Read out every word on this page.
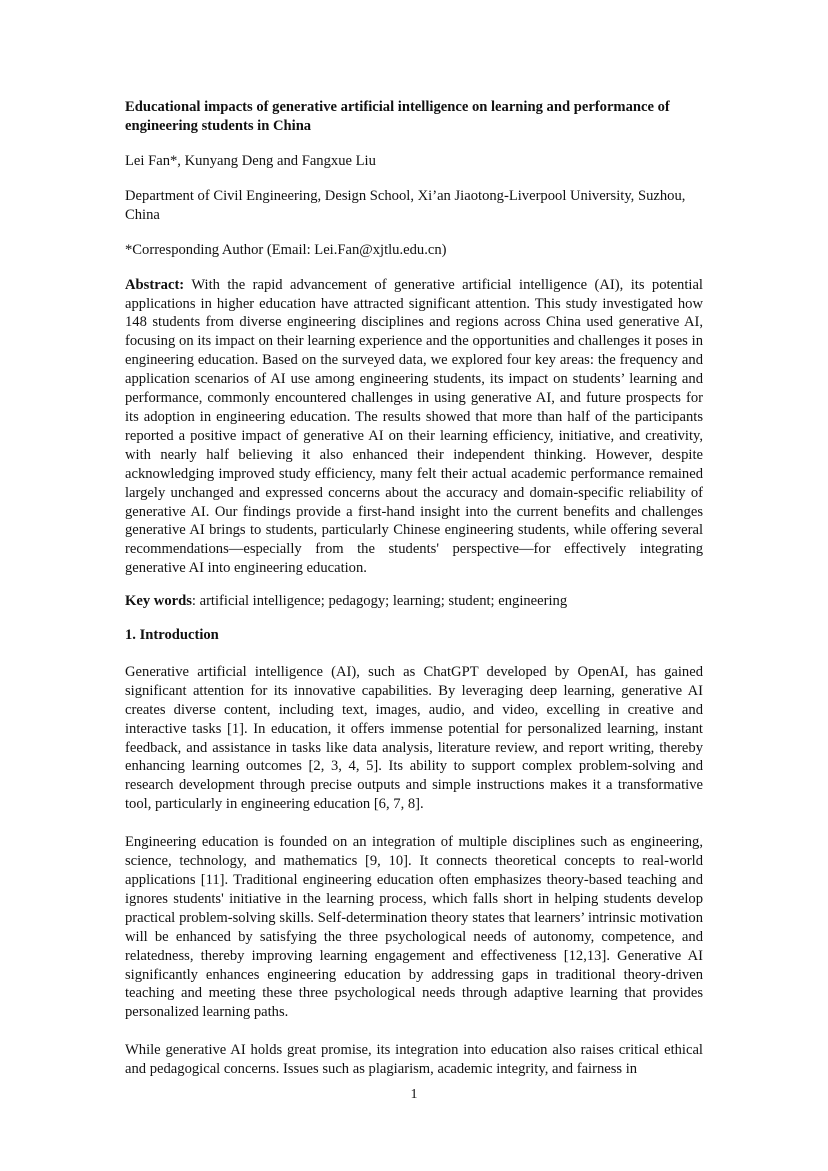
Educational impacts of generative artificial intelligence on learning and performance of engineering students in China
Lei Fan*, Kunyang Deng and Fangxue Liu
Department of Civil Engineering, Design School, Xi’an Jiaotong-Liverpool University, Suzhou, China
*Corresponding Author (Email: Lei.Fan@xjtlu.edu.cn)
Abstract: With the rapid advancement of generative artificial intelligence (AI), its potential applications in higher education have attracted significant attention. This study investigated how 148 students from diverse engineering disciplines and regions across China used generative AI, focusing on its impact on their learning experience and the opportunities and challenges it poses in engineering education. Based on the surveyed data, we explored four key areas: the frequency and application scenarios of AI use among engineering students, its impact on students’ learning and performance, commonly encountered challenges in using generative AI, and future prospects for its adoption in engineering education. The results showed that more than half of the participants reported a positive impact of generative AI on their learning efficiency, initiative, and creativity, with nearly half believing it also enhanced their independent thinking. However, despite acknowledging improved study efficiency, many felt their actual academic performance remained largely unchanged and expressed concerns about the accuracy and domain-specific reliability of generative AI. Our findings provide a first-hand insight into the current benefits and challenges generative AI brings to students, particularly Chinese engineering students, while offering several recommendations—especially from the students' perspective—for effectively integrating generative AI into engineering education.
Key words: artificial intelligence; pedagogy; learning; student; engineering
1. Introduction
Generative artificial intelligence (AI), such as ChatGPT developed by OpenAI, has gained significant attention for its innovative capabilities. By leveraging deep learning, generative AI creates diverse content, including text, images, audio, and video, excelling in creative and interactive tasks [1]. In education, it offers immense potential for personalized learning, instant feedback, and assistance in tasks like data analysis, literature review, and report writing, thereby enhancing learning outcomes [2, 3, 4, 5]. Its ability to support complex problem-solving and research development through precise outputs and simple instructions makes it a transformative tool, particularly in engineering education [6, 7, 8].
Engineering education is founded on an integration of multiple disciplines such as engineering, science, technology, and mathematics [9, 10]. It connects theoretical concepts to real-world applications [11]. Traditional engineering education often emphasizes theory-based teaching and ignores students' initiative in the learning process, which falls short in helping students develop practical problem-solving skills. Self-determination theory states that learners’ intrinsic motivation will be enhanced by satisfying the three psychological needs of autonomy, competence, and relatedness, thereby improving learning engagement and effectiveness [12,13]. Generative AI significantly enhances engineering education by addressing gaps in traditional theory-driven teaching and meeting these three psychological needs through adaptive learning that provides personalized learning paths.
While generative AI holds great promise, its integration into education also raises critical ethical and pedagogical concerns. Issues such as plagiarism, academic integrity, and fairness in
1
